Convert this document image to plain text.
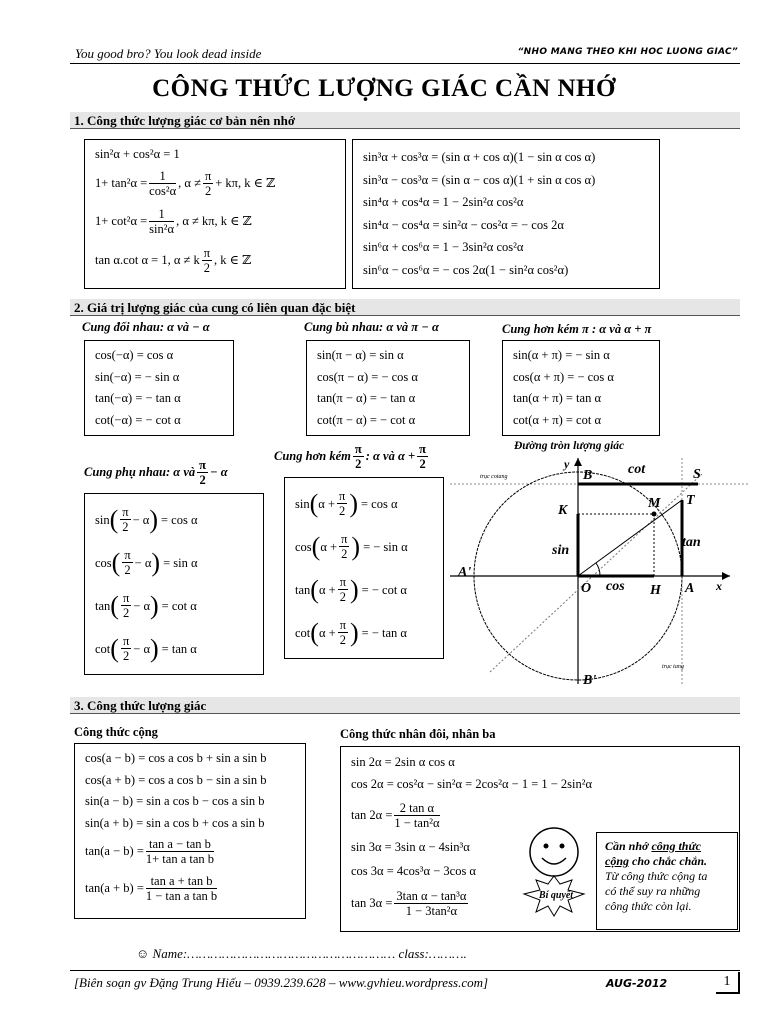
You good bro? You look dead inside	“NHO MANG THEO KHI HOC LUONG GIAC”
CÔNG THỨC LƯỢNG GIÁC CẦN NHỚ
1. Công thức lượng giác cơ bản nên nhớ
sin²α + cos²α = 1
$1+ \tan^2\alpha = \frac{1}{\text{cos²α}}$ , $\alpha \ne \frac{\pi}{2} + k\pi$, k ∈ ℤ
$1+ \cot^2\alpha = \frac{1}{\text{sin²α}}$ , α ≠ kπ, k ∈ ℤ
tan α.cot α = 1, α ≠ k $\frac{\pi}{2}$ , k ∈ ℤ
sin³α + cos³α = (sin α + cos α)(1 − sin α cos α)
sin³α − cos³α = (sin α − cos α)(1 + sin α cos α)
sin⁴α + cos⁴α = 1 − 2sin²α cos²α
sin⁴α − cos⁴α = sin²α − cos²α = − cos 2α
sin⁶α + cos⁶α = 1 − 3sin²α cos²α
sin⁶α − cos⁶α = − cos 2α(1 − sin²α cos²α)
2. Giá trị lượng giác của cung có liên quan đặc biệt
Cung đối nhau: α và − α
cos(−α) = cos α
sin(−α) = − sin α
tan(−α) = − tan α
cot(−α) = − cot α
Cung bù nhau: α và π − α
sin(π − α) = sin α
cos(π − α) = − cos α
tan(π − α) = − tan α
cot(π − α) = − cot α
Cung hơn kém π : α và α + π
sin(α + π) = − sin α
cos(α + π) = − cos α
tan(α + π) = tan α
cot(α + π) = cot α
Cung phụ nhau: α và $\frac{\pi}{2} - \alpha$
sin ( $\frac{\pi}{2} - \alpha$ ) = cos α
cos ( $\frac{\pi}{2} - \alpha$ ) = sin α
tan ( $\frac{\pi}{2} - \alpha$ ) = cot α
cot ( $\frac{\pi}{2} - \alpha$ ) = tan α
Cung hơn kém $\frac{\pi}{2}$ : α và $\alpha + \frac{\pi}{2}$
sin ( $\alpha + \frac{\pi}{2}$ ) = cos α
cos ( $\alpha + \frac{\pi}{2}$ ) = − sin α
tan ( $\alpha + \frac{\pi}{2}$ ) = − cot α
cot ( $\alpha + \frac{\pi}{2}$ ) = − tan α
Đường tròn lượng giác
B	cot	S
y
K	M T
tan
sin
A'
O cos H A x
B'
trục cotang
trục tang
3. Công thức lượng giác
Công thức cộng
cos(a − b) = cos a cos b + sin a sin b
cos(a + b) = cos a cos b − sin a sin b
sin(a − b) = sin a cos b − cos a sin b
sin(a + b) = sin a cos b + cos a sin b
$\tan(a - b) = \frac{\text{tan a − tan b}}{\text{1+ tan a tan b}}$
$\tan(a + b) = \frac{\text{tan a + tan b}}{\text{1 − tan a tan b}}$
Công thức nhân đôi, nhân ba
sin 2α = 2sin α cos α
cos 2α = cos²α − sin²α = 2cos²α − 1 = 1 − 2sin²α
$\tan 2\alpha = \frac{\text{2 tan α}}{\text{1 − tan²α}}$
sin 3α = 3sin α − 4sin³α
cos 3α = 4cos³α − 3cos α
$\tan 3\alpha = \frac{\text{3tan α − tan³α}}{\text{1 − 3tan²α}}$	Bí quyết
Cần nhớ công thức
cộng cho chắc chắn.
Từ công thức cộng ta
có thể suy ra những
công thức còn lại.
☺ Name:……………………………………………… class:……….
[Biên soạn gv Đặng Trung Hiếu – 0939.239.628 – www.gvhieu.wordpress.com]	AUG-2012	1
